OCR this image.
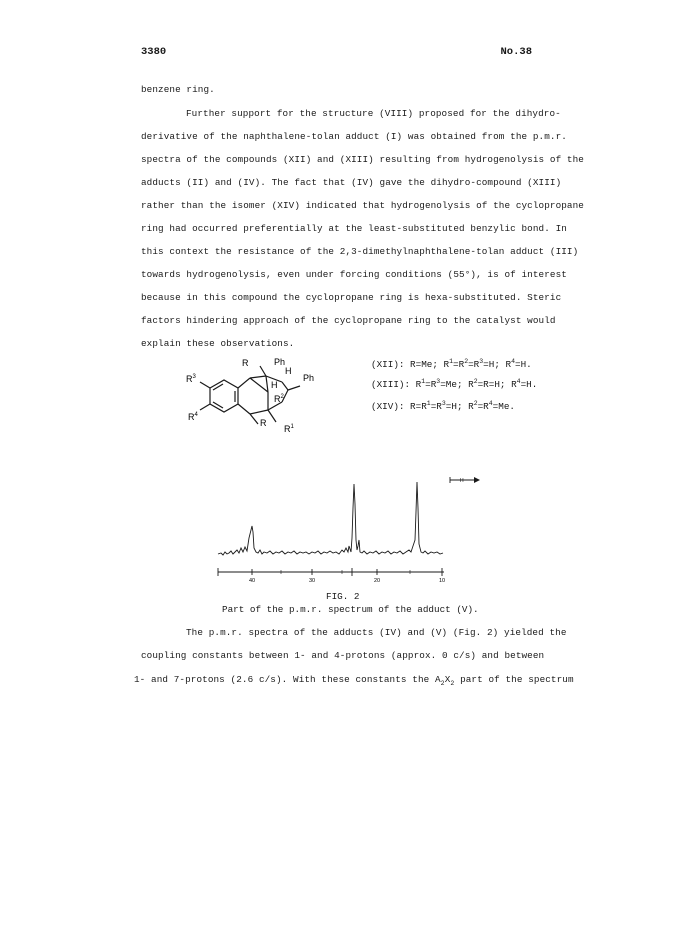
3380	No.38
benzene ring.
Further support for the structure (VIII) proposed for the dihydro-
derivative of the naphthalene-tolan adduct (I) was obtained from the p.m.r.
spectra of the compounds (XII) and (XIII) resulting from hydrogenolysis of the
adducts (II) and (IV). The fact that (IV) gave the dihydro-compound (XIII)
rather than the isomer (XIV) indicated that hydrogenolysis of the cyclopropane
ring had occurred preferentially at the least-substituted benzylic bond. In
this context the resistance of the 2,3-dimethylnaphthalene-tolan adduct (III)
towards hydrogenolysis, even under forcing conditions (55°), is of interest
because in this compound the cyclopropane ring is hexa-substituted. Steric
factors hindering approach of the cyclopropane ring to the catalyst would
explain these observations.
R	Ph
H
Ph
H
$R^2$
$R^3$
$R^4$
R
$R^1$
(XII): R=Me; $R^1=R^2=R^3=H$; $R^4=H$.
(XIII): $R^1=R^3=Me$; $R^2=R=H$; $R^4=H$.
(XIV): $R=R^1=R^3=H$; $R^2=R^4=Me$.
H
40	30	20	10
FIG. 2
Part of the p.m.r. spectrum of the adduct (V).
The p.m.r. spectra of the adducts (IV) and (V) (Fig. 2) yielded the
coupling constants between 1- and 4-protons (approx. 0 c/s) and between
1- and 7-protons (2.6 c/s). With these constants the $A_2X_2$ part of the spectrum
